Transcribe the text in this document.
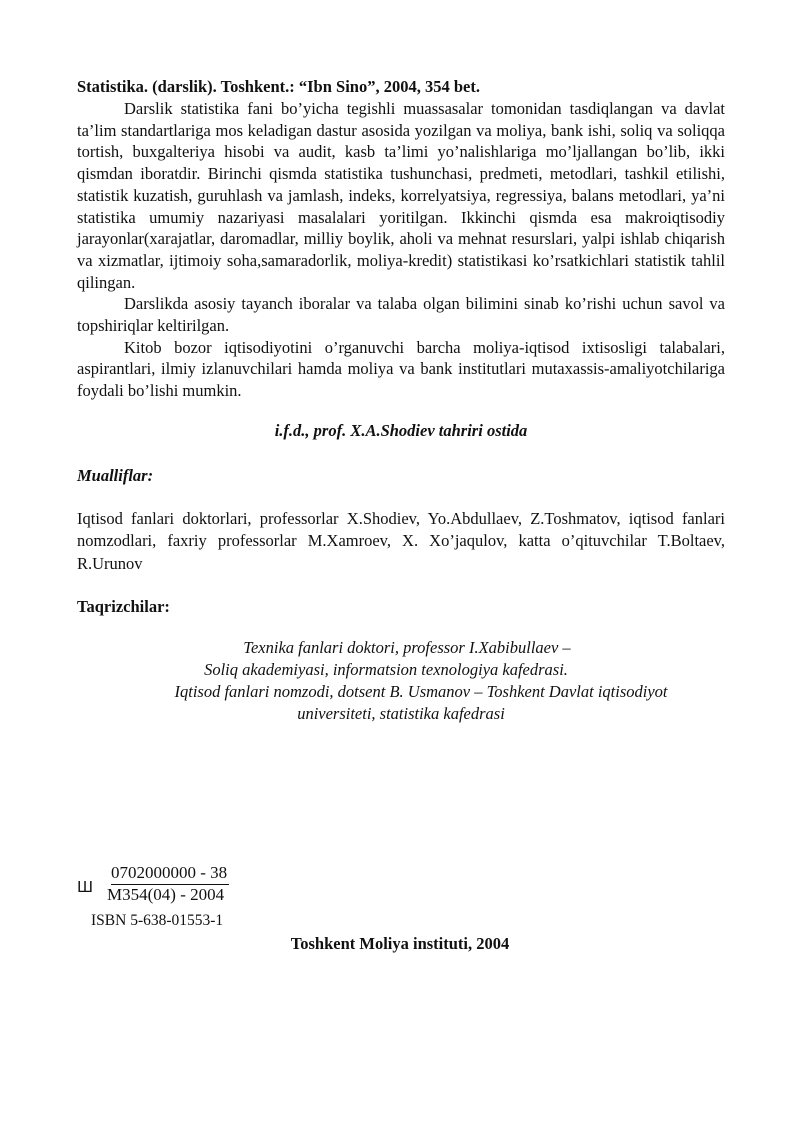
Statistika. (darslik). Toshkent.: “Ibn Sino”, 2004, 354 bet.

Darslik statistika fani bo’yicha tegishli muassasalar tomonidan tasdiqlangan va davlat ta’lim standartlariga mos keladigan dastur asosida yozilgan va moliya, bank ishi, soliq va soliqqa tortish, buxgalteriya hisobi va audit, kasb ta’limi yo’nalishlariga mo’ljallangan bo’lib, ikki qismdan iboratdir. Birinchi qismda statistika tushunchasi, predmeti, metodlari, tashkil etilishi, statistik kuzatish, guruhlash va jamlash, indeks, korrelyatsiya, regressiya, balans metodlari, ya’ni statistika umumiy nazariyasi masalalari yoritilgan. Ikkinchi qismda esa makroiqtisodiy jarayonlar(xarajatlar, daromadlar, milliy boylik, aholi va mehnat resurslari, yalpi ishlab chiqarish va xizmatlar, ijtimoiy soha,samaradorlik, moliya-kredit) statistikasi ko’rsatkichlari statistik tahlil qilingan.

Darslikda asosiy tayanch iboralar va talaba olgan bilimini sinab ko’rishi uchun savol va topshiriqlar keltirilgan.

Kitob bozor iqtisodiyotini o’rganuvchi barcha moliya-iqtisod ixtisosligi talabalari, aspirantlari, ilmiy izlanuvchilari hamda moliya va bank institutlari mutaxassis-amaliyotchilariga foydali bo’lishi mumkin.

i.f.d., prof. X.A.Shodiev tahriri ostida
Mualliflar:
Iqtisod fanlari doktorlari, professorlar X.Shodiev, Yo.Abdullaev, Z.Toshmatov, iqtisod fanlari nomzodlari, faxriy professorlar M.Xamroev, X. Xo’jaqulov, katta o’qituvchilar T.Boltaev, R.Urunov
Taqrizchilar:
Texnika fanlari doktori, professor I.Xabibullaev –
Soliq akademiyasi, informatsion texnologiya kafedrasi.
Iqtisod fanlari nomzodi, dotsent B. Usmanov – Toshkent Davlat iqtisodiyot
universiteti, statistika kafedrasi
Ш
0702000000 - 38
M354(04) - 2004
ISBN 5-638-01553-1
Toshkent Moliya instituti, 2004
